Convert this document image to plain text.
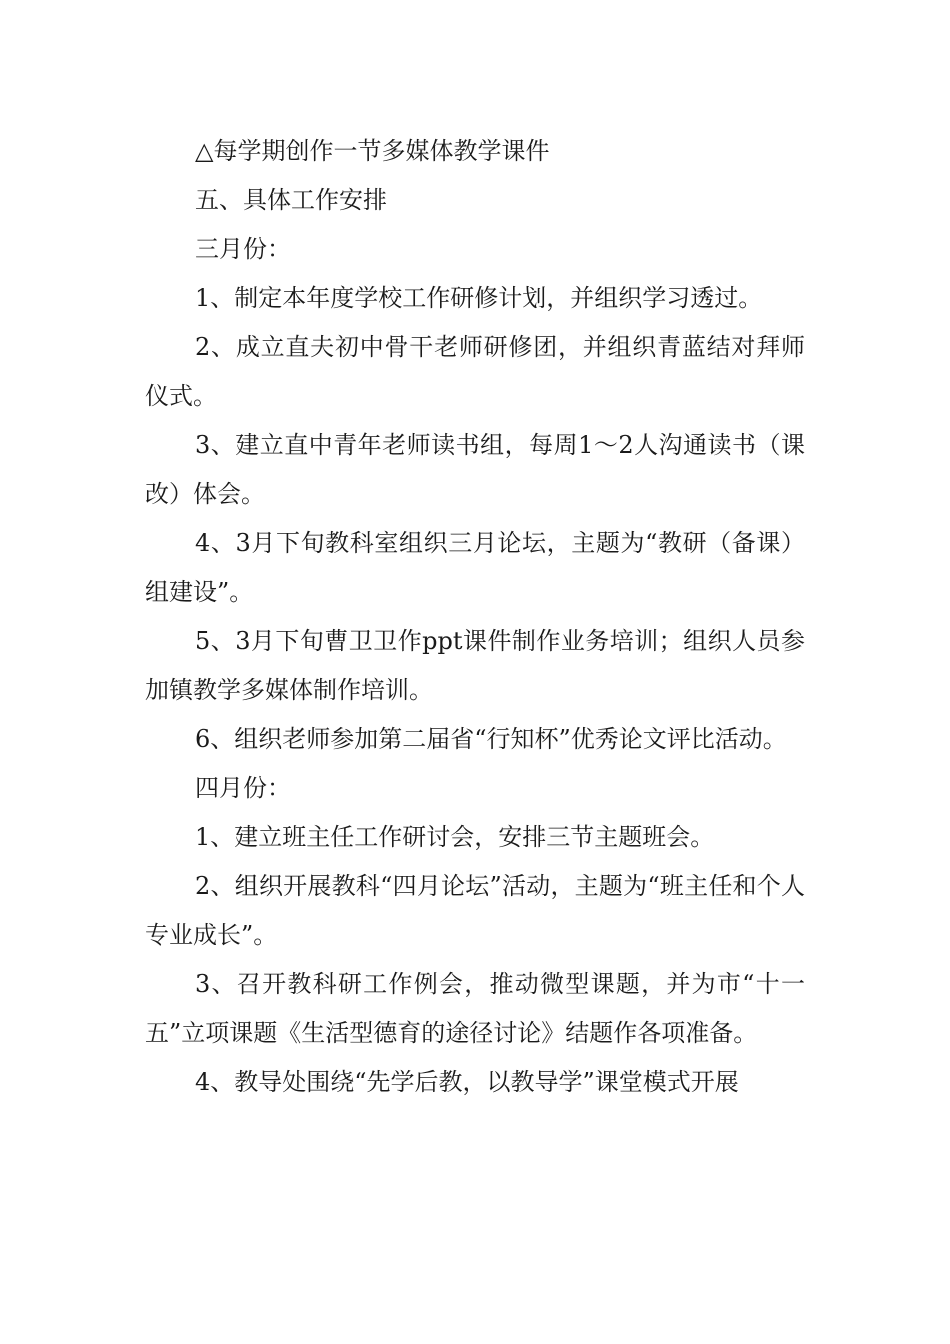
△每学期创作一节多媒体教学课件

五、具体工作安排

三月份：

1、制定本年度学校工作研修计划，并组织学习透过。

2、成立直夫初中骨干老师研修团，并组织青蓝结对拜师仪式。

3、建立直中青年老师读书组，每周1～2人沟通读书（课改）体会。

4、3月下旬教科室组织三月论坛，主题为“教研（备课）组建设”。

5、3月下旬曹卫卫作ppt课件制作业务培训；组织人员参加镇教学多媒体制作培训。

6、组织老师参加第二届省“行知杯”优秀论文评比活动。

四月份：

1、建立班主任工作研讨会，安排三节主题班会。

2、组织开展教科“四月论坛”活动，主题为“班主任和个人专业成长”。

3、召开教科研工作例会，推动微型课题，并为市“十一五”立项课题《生活型德育的途径讨论》结题作各项准备。

4、教导处围绕“先学后教，以教导学”课堂模式开展
